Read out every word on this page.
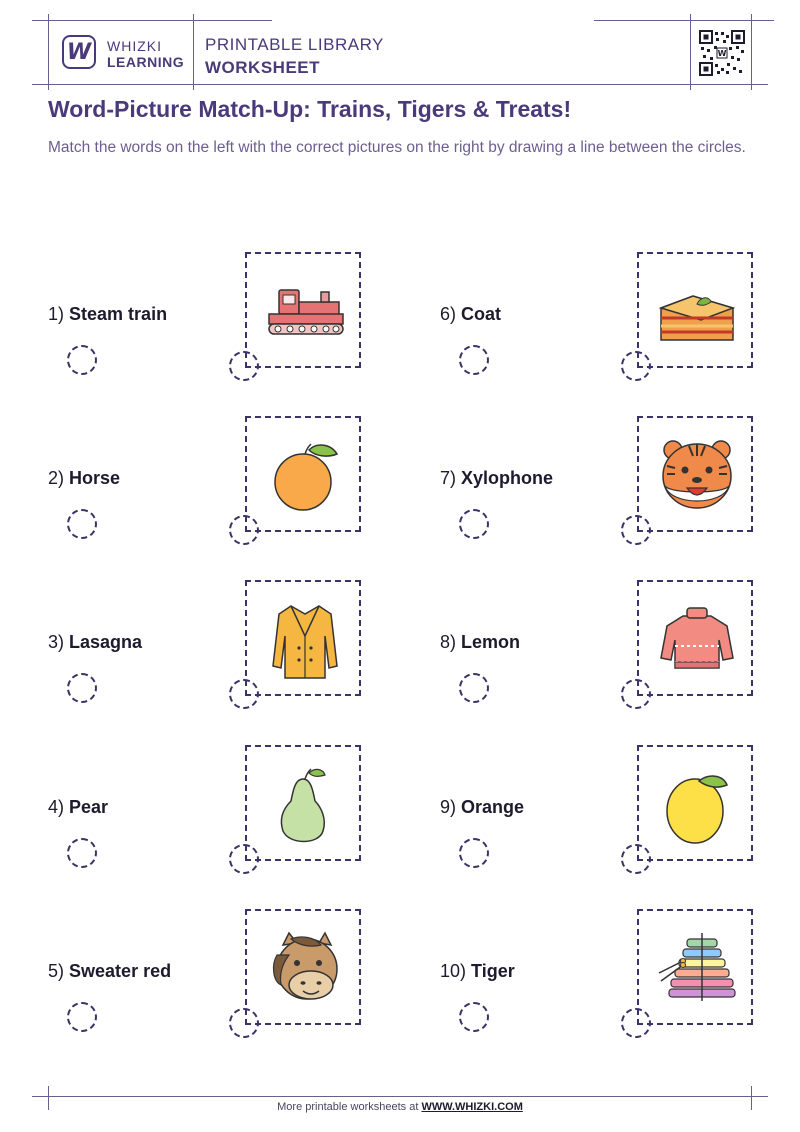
W WHIZKI
LEARNING
PRINTABLE LIBRARY
WORKSHEET
W
Word-Picture Match-Up: Trains, Tigers & Treats!
Match the words on the left with the correct pictures on the right by drawing a line between the circles.
1) Steam train
2) Horse
3) Lasagna
4) Pear
5) Sweater red
6) Coat
7) Xylophone
8) Lemon
9) Orange
10) Tiger
More printable worksheets at WWW.WHIZKI.COM
